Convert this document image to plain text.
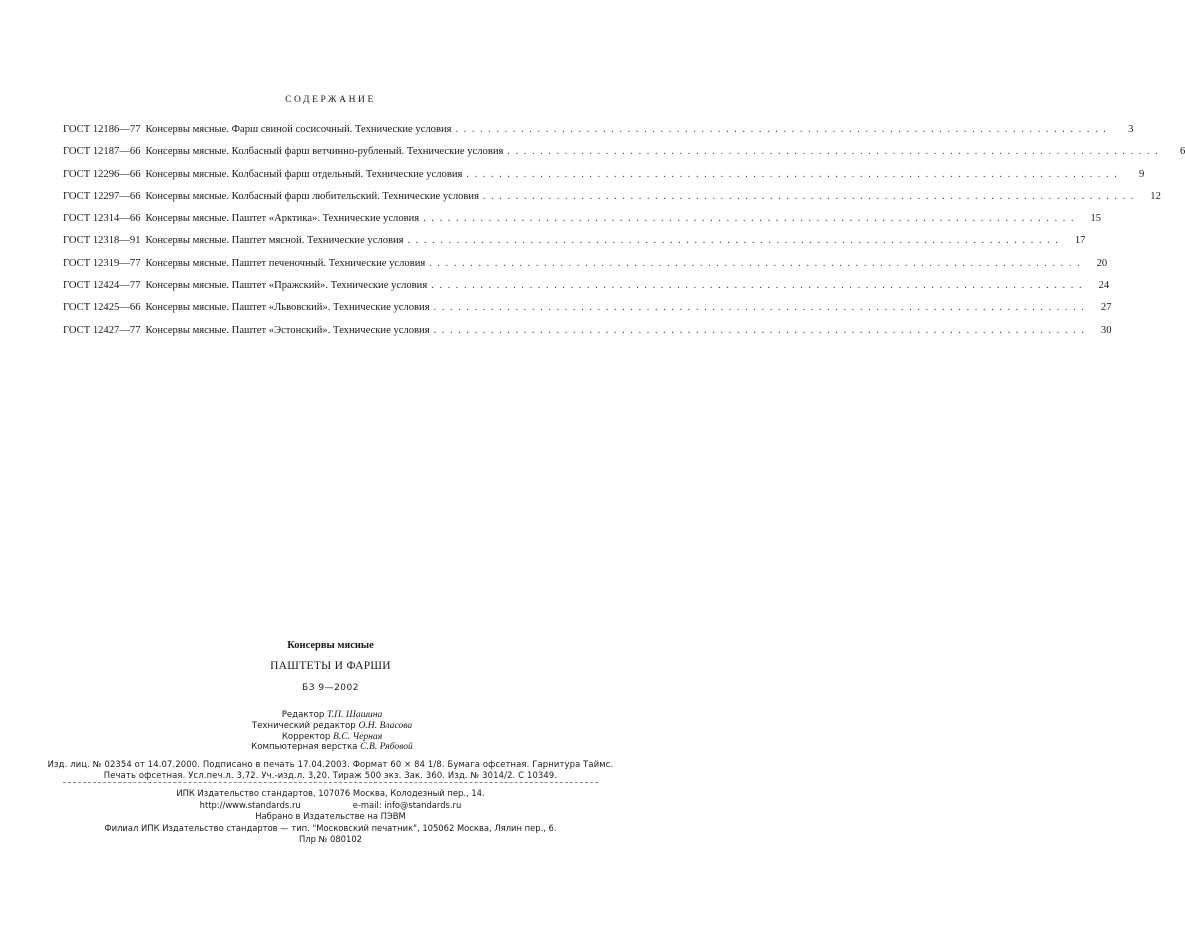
СОДЕРЖАНИЕ
ГОСТ 12186—77 Консервы мясные. Фарш свиной сосисочный. Технические условия . . .	3
ГОСТ 12187—66 Консервы мясные. Колбасный фарш ветчинно-рубленый. Технические условия . . .	6
ГОСТ 12296—66 Консервы мясные. Колбасный фарш отдельный. Технические условия . . .	9
ГОСТ 12297—66 Консервы мясные. Колбасный фарш любительский. Технические условия . . .	12
ГОСТ 12314—66 Консервы мясные. Паштет «Арктика». Технические условия . . .	15
ГОСТ 12318—91 Консервы мясные. Паштет мясной. Технические условия . . .	17
ГОСТ 12319—77 Консервы мясные. Паштет печеночный. Технические условия . . .	20
ГОСТ 12424—77 Консервы мясные. Паштет «Пражский». Технические условия . . .	24
ГОСТ 12425—66 Консервы мясные. Паштет «Львовский». Технические условия . . .	27
ГОСТ 12427—77 Консервы мясные. Паштет «Эстонский». Технические условия . . .	30
Консервы мясные
ПАШТЕТЫ И ФАРШИ
БЗ 9—2002
Редактор Т.П. Шашина
Технический редактор О.Н. Власова
Корректор В.С. Черная
Компьютерная верстка С.В. Рябовой
Изд. лиц. № 02354 от 14.07.2000. Подписано в печать 17.04.2003. Формат 60 × 84 1/8. Бумага офсетная. Гарнитура Таймс.
Печать офсетная. Усл.печ.л. 3,72. Уч.-изд.л. 3,20. Тираж 500 экз. Зак. 360. Изд. № 3014/2. С 10349.
ИПК Издательство стандартов, 107076 Москва, Колодезный пер., 14.
http://www.standards.ru	e-mail: info@standards.ru
Набрано в Издательстве на ПЭВМ
Филиал ИПК Издательство стандартов — тип. "Московский печатник", 105062 Москва, Лялин пер., 6.
Плр № 080102
